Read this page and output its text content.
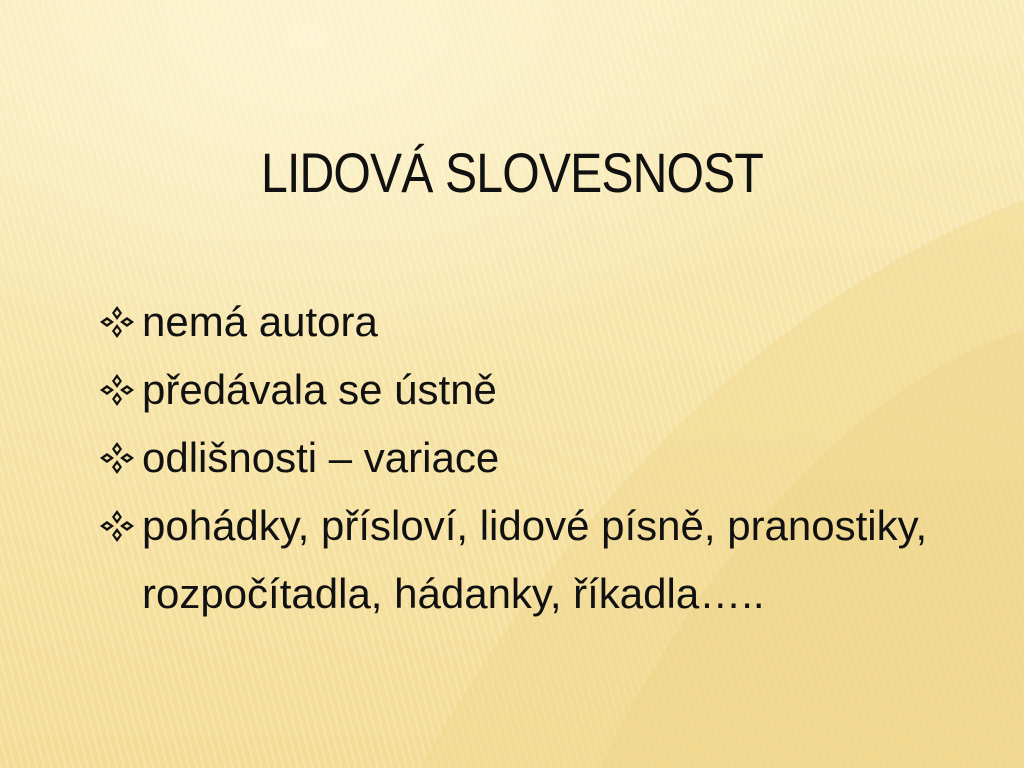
LIDOVÁ SLOVESNOST
nemá autora
předávala se ústně
odlišnosti – variace
pohádky, přísloví, lidové písně, pranostiky, rozpočítadla, hádanky, říkadla…..
